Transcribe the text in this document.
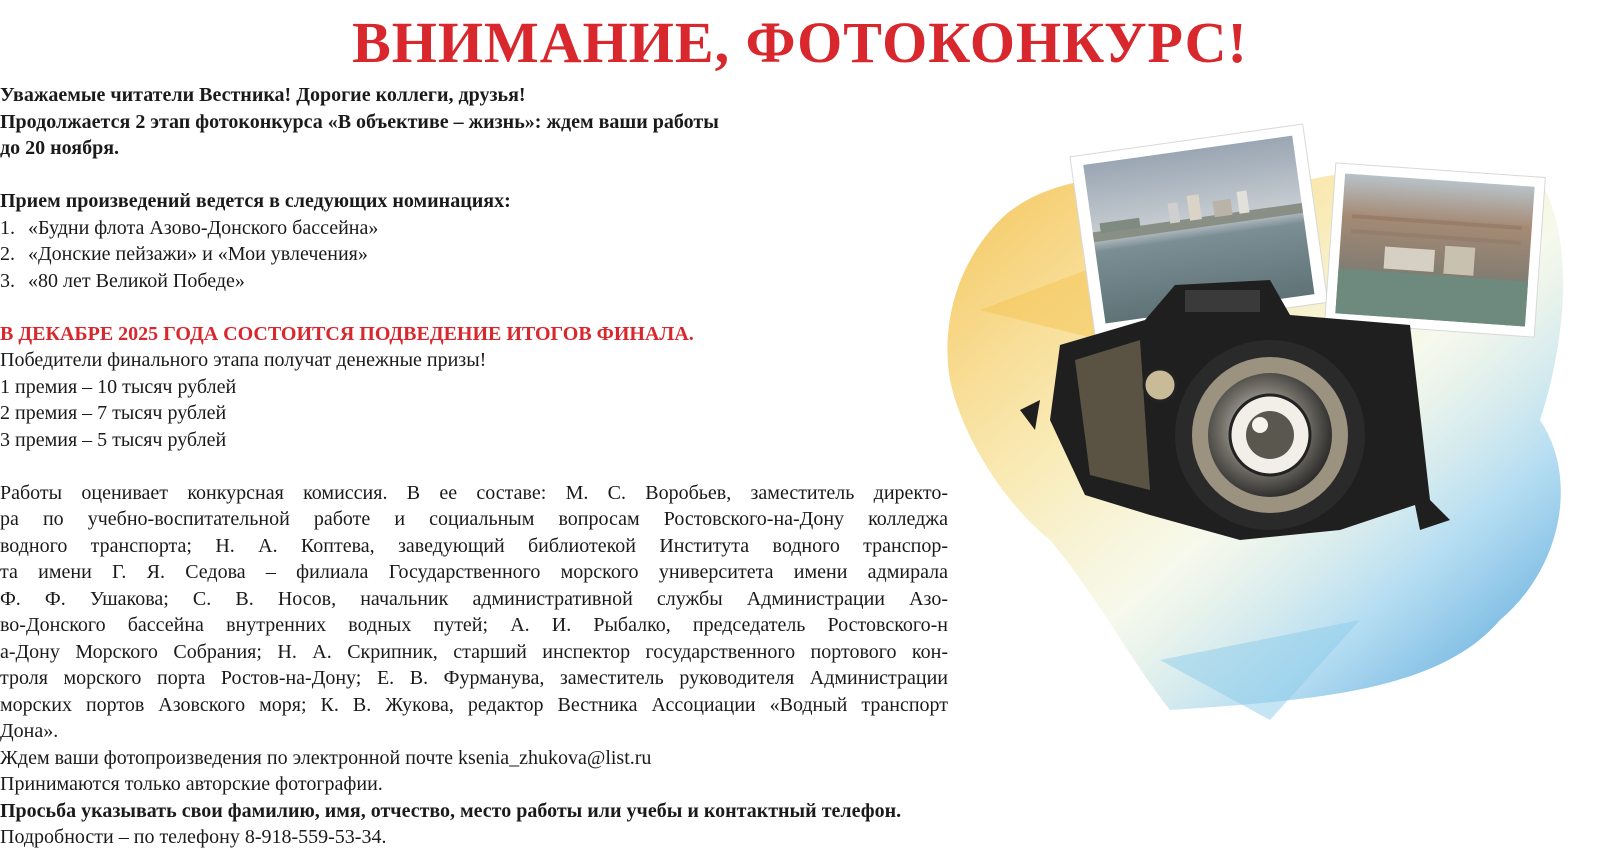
ВНИМАНИЕ, ФОТОКОНКУРС!
Уважаемые читатели Вестника! Дорогие коллеги, друзья!
Продолжается 2 этап фотоконкурса «В объективе – жизнь»: ждем ваши работы
до 20 ноября.
Прием произведений ведется в следующих номинациях:
1. «Будни флота Азово-Донского бассейна»
2. «Донские пейзажи» и «Мои увлечения»
3. «80 лет Великой Победе»
В ДЕКАБРЕ 2025 ГОДА СОСТОИТСЯ ПОДВЕДЕНИЕ ИТОГОВ ФИНАЛА.
Победители финального этапа получат денежные призы!
1 премия – 10 тысяч рублей
2 премия – 7 тысяч рублей
3 премия – 5 тысяч рублей
Работы оценивает конкурсная комиссия. В ее составе: М. С. Воробьев, заместитель директо-
ра по учебно-воспитательной работе и социальным вопросам Ростовского-на-Дону колледжа
водного транспорта; Н. А. Коптева, заведующий библиотекой Института водного транспор-
та имени Г. Я. Седова – филиала Государственного морского университета имени адмирала
Ф. Ф. Ушакова; С. В. Носов, начальник административной службы Администрации Азо-
во-Донского бассейна внутренних водных путей; А. И. Рыбалко, председатель Ростовского-н
а-Дону Морского Собрания; Н. А. Скрипник, старший инспектор государственного портового кон-
троля морского порта Ростов-на-Дону; Е. В. Фурманува, заместитель руководителя Администрации
морских портов Азовского моря; К. В. Жукова, редактор Вестника Ассоциации «Водный транспорт
Дона».
Ждем ваши фотопроизведения по электронной почте ksenia_zhukova@list.ru
Принимаются только авторские фотографии.
Просьба указывать свои фамилию, имя, отчество, место работы или учебы и контактный телефон.
Подробности – по телефону 8-918-559-53-34.
